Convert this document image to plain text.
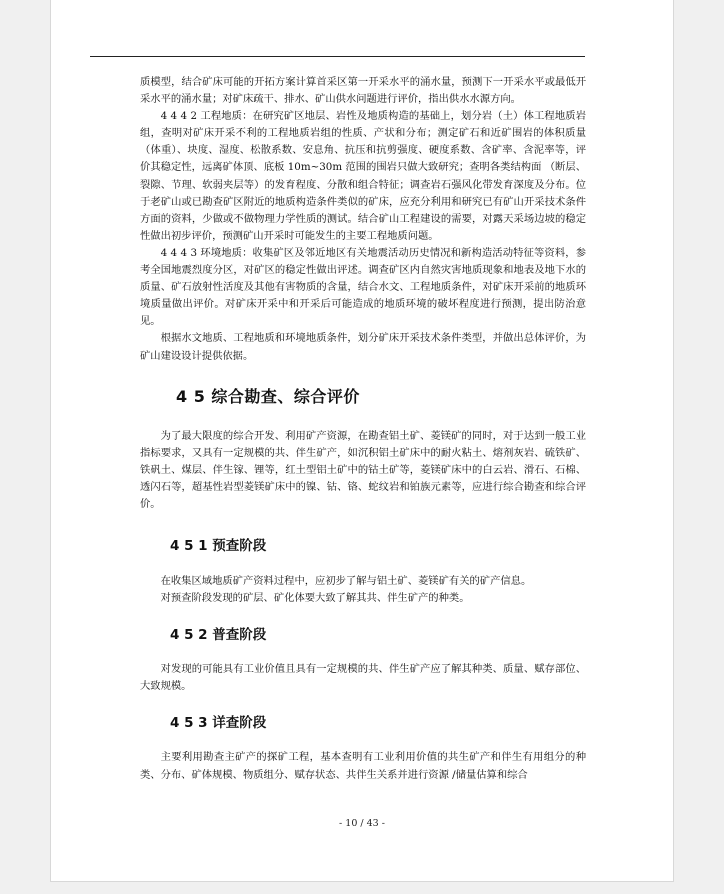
质模型，结合矿床可能的开拓方案计算首采区第一开采水平的涌水量，预测下一开采水平或最低开采水平的涌水量；对矿床疏干、排水、矿山供水问题进行评价，指出供水水源方向。

4 4 4 2 工程地质：在研究矿区地层、岩性及地质构造的基础上，划分岩（土）体工程地质岩组，查明对矿床开采不利的工程地质岩组的性质、产状和分布；测定矿石和近矿围岩的体积质量 （体重）、块度、湿度、松散系数、安息角、抗压和抗剪强度、硬度系数、含矿率、含泥率等，评价其稳定性，远离矿体顶、底板 10m~30m 范围的围岩只做大致研究；查明各类结构面 （断层、裂隙、节理、软弱夹层等）的发育程度、分散和组合特征；调查岩石强风化带发育深度及分布。位于老矿山或已勘查矿区附近的地质构造条件类似的矿床，应充分利用和研究已有矿山开采技术条件方面的资料，少做或不做物理力学性质的测试。结合矿山工程建设的需要，对露天采场边坡的稳定性做出初步评价，预测矿山开采时可能发生的主要工程地质问题。

4 4 4 3 环境地质：收集矿区及邻近地区有关地震活动历史情况和新构造活动特征等资料，参考全国地震烈度分区，对矿区的稳定性做出评述。调查矿区内自然灾害地质现象和地表及地下水的质量、矿石放射性活度及其他有害物质的含量，结合水文、工程地质条件，对矿床开采前的地质环境质量做出评价。对矿床开采中和开采后可能造成的地质环境的破坏程度进行预测，提出防治意见。

根据水文地质、工程地质和环境地质条件，划分矿床开采技术条件类型，并做出总体评价，为矿山建设设计提供依据。

4 5 综合勘查、综合评价

为了最大限度的综合开发、利用矿产资源，在勘查铝土矿、菱镁矿的同时，对于达到一般工业指标要求，又具有一定规模的共、伴生矿产，如沉积铝土矿床中的耐火粘土、熔剂灰岩、硫铁矿、铁矾土、煤层、伴生镓、锂等，红土型铝土矿中的钴土矿等，菱镁矿床中的白云岩、滑石、石棉、透闪石等，超基性岩型菱镁矿床中的镍、钴、铬、蛇纹岩和铂族元素等，应进行综合勘查和综合评价。

4 5 1 预查阶段

在收集区域地质矿产资料过程中，应初步了解与铝土矿、菱镁矿有关的矿产信息。

对预查阶段发现的矿层、矿化体要大致了解其共、伴生矿产的种类。

4 5 2 普查阶段

对发现的可能具有工业价值且具有一定规模的共、伴生矿产应了解其种类、质量、赋存部位、大致规模。

4 5 3 详查阶段

主要利用勘查主矿产的探矿工程，基本查明有工业利用价值的共生矿产和伴生有用组分的种类、分布、矿体规模、物质组分、赋存状态、共伴生关系并进行资源 /储量估算和综合

- 10 / 43 -
